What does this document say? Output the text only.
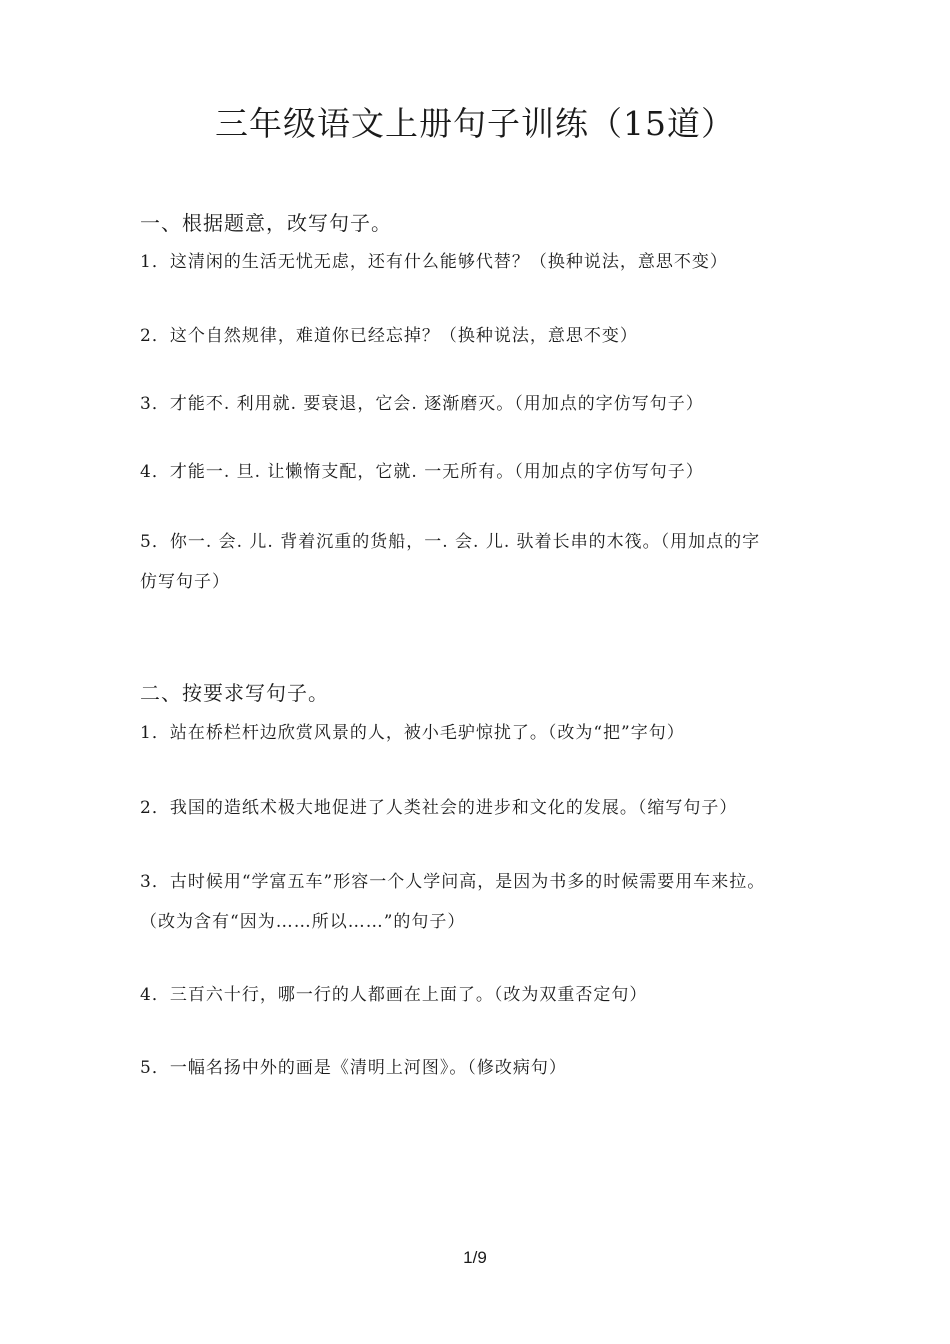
三年级语文上册句子训练（15道）
一、根据题意，改写句子。
1．这清闲的生活无忧无虑，还有什么能够代替？（换种说法，意思不变）
2．这个自然规律，难道你已经忘掉？（换种说法，意思不变）
3．才能不. 利用就. 要衰退，它会. 逐渐磨灭。（用加点的字仿写句子）
4．才能一. 旦. 让懒惰支配，它就. 一无所有。（用加点的字仿写句子）
5．你一. 会. 儿. 背着沉重的货船，一. 会. 儿. 驮着长串的木筏。（用加点的字
仿写句子）
二、按要求写句子。
1．站在桥栏杆边欣赏风景的人，被小毛驴惊扰了。（改为“把”字句）
2．我国的造纸术极大地促进了人类社会的进步和文化的发展。（缩写句子）
3．古时候用“学富五车”形容一个人学问高，是因为书多的时候需要用车来拉。
（改为含有“因为……所以……”的句子）
4．三百六十行，哪一行的人都画在上面了。（改为双重否定句）
5．一幅名扬中外的画是《清明上河图》。（修改病句）
1/9
